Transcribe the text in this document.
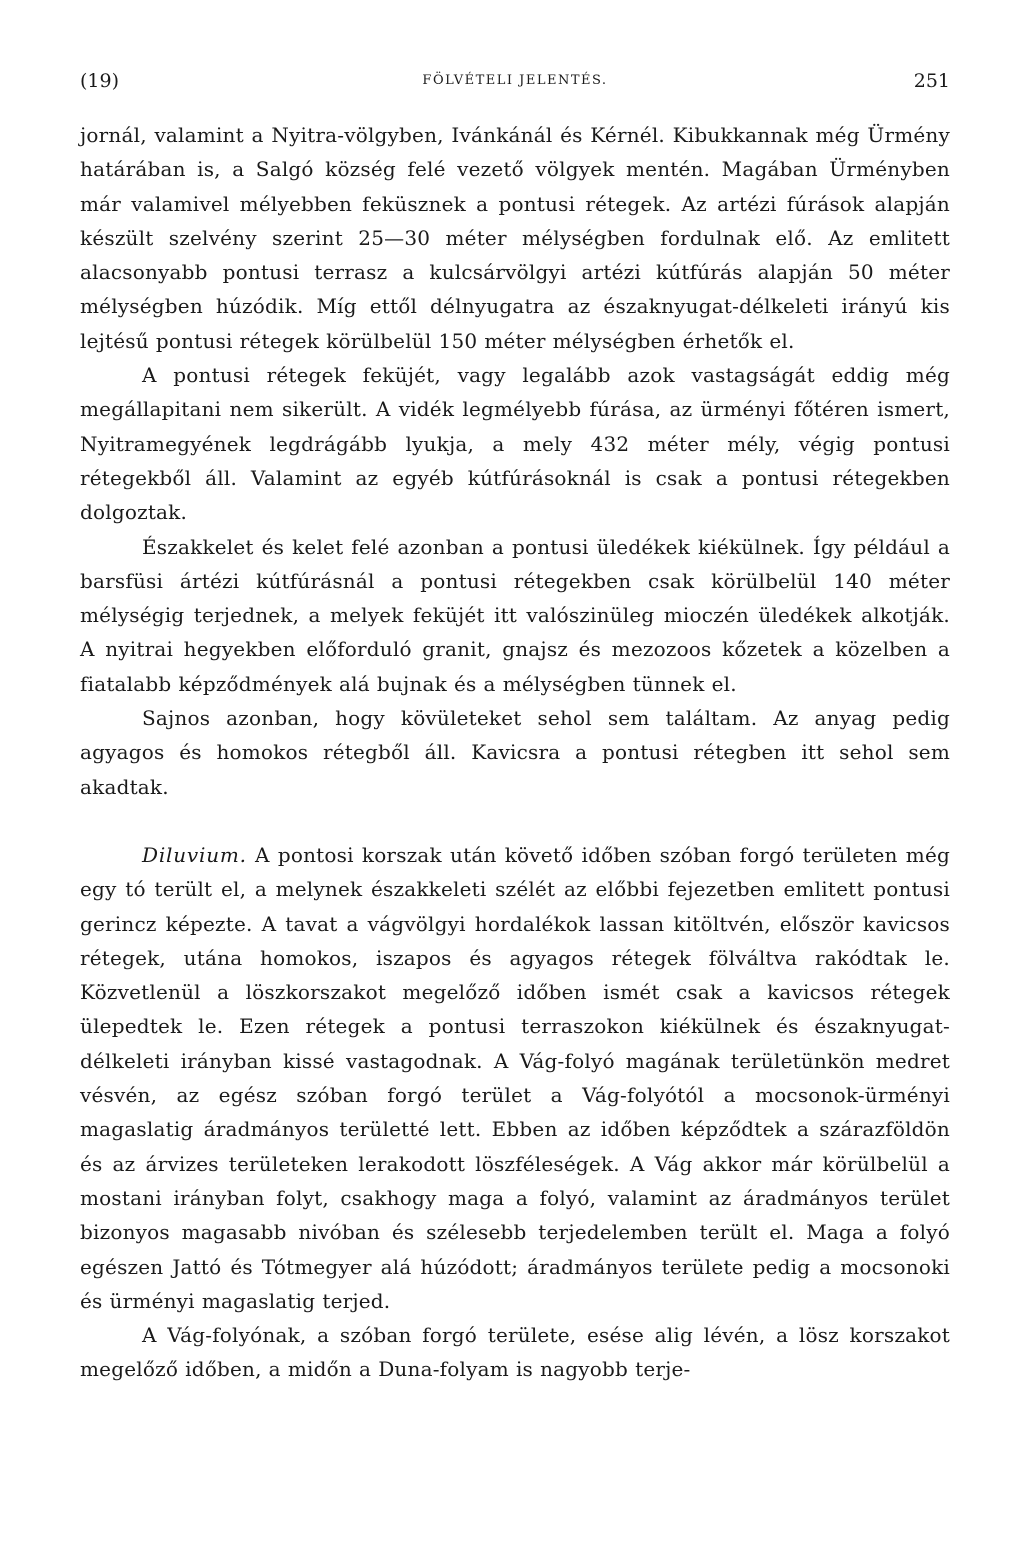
(19)	FÖLVÉTELI JELENTÉS.	251

jornál, valamint a Nyitra-völgyben, Ivánkánál és Kérnél. Kibukkannak még Ürmény határában is, a Salgó község felé vezető völgyek mentén. Magában Ürményben már valamivel mélyebben feküsznek a pontusi rétegek. Az artézi fúrások alapján készült szelvény szerint 25—30 méter mélységben fordulnak elő. Az emlitett alacsonyabb pontusi terrasz a kulcsárvölgyi artézi kútfúrás alapján 50 méter mélységben húzódik. Míg ettől délnyugatra az északnyugat-délkeleti irányú kis lejtésű pontusi rétegek körülbelül 150 méter mélységben érhetők el.

A pontusi rétegek feküjét, vagy legalább azok vastagságát eddig még megállapitani nem sikerült. A vidék legmélyebb fúrása, az ürményi főtéren ismert, Nyitramegyének legdrágább lyukja, a mely 432 méter mély, végig pontusi rétegekből áll. Valamint az egyéb kútfúrásoknál is csak a pontusi rétegekben dolgoztak.

Északkelet és kelet felé azonban a pontusi üledékek kiékülnek. Így például a barsfüsi ártézi kútfúrásnál a pontusi rétegekben csak körülbelül 140 méter mélységig terjednek, a melyek feküjét itt valószinüleg mioczén üledékek alkotják. A nyitrai hegyekben előforduló granit, gnajsz és mezozoos kőzetek a közelben a fiatalabb képződmények alá bujnak és a mélységben tünnek el.

Sajnos azonban, hogy kövületeket sehol sem találtam. Az anyag pedig agyagos és homokos rétegből áll. Kavicsra a pontusi rétegben itt sehol sem akadtak.

Diluvium. A pontosi korszak után követő időben szóban forgó területen még egy tó terült el, a melynek északkeleti szélét az előbbi fejezetben emlitett pontusi gerincz képezte. A tavat a vágvölgyi hordalékok lassan kitöltvén, először kavicsos rétegek, utána homokos, iszapos és agyagos rétegek fölváltva rakódtak le. Közvetlenül a löszkorszakot megelőző időben ismét csak a kavicsos rétegek ülepedtek le. Ezen rétegek a pontusi terraszokon kiékülnek és északnyugat-délkeleti irányban kissé vastagodnak. A Vág-folyó magának területünkön medret vésvén, az egész szóban forgó terület a Vág-folyótól a mocsonok-ürményi magaslatig áradmányos területté lett. Ebben az időben képződtek a szárazföldön és az árvizes területeken lerakodott löszféleségek. A Vág akkor már körülbelül a mostani irányban folyt, csakhogy maga a folyó, valamint az áradmányos terület bizonyos magasabb nivóban és szélesebb terjedelemben terült el. Maga a folyó egészen Jattó és Tótmegyer alá húzódott; áradmányos területe pedig a mocsonoki és ürményi magaslatig terjed.

A Vág-folyónak, a szóban forgó területe, esése alig lévén, a lösz korszakot megelőző időben, a midőn a Duna-folyam is nagyobb terje-
